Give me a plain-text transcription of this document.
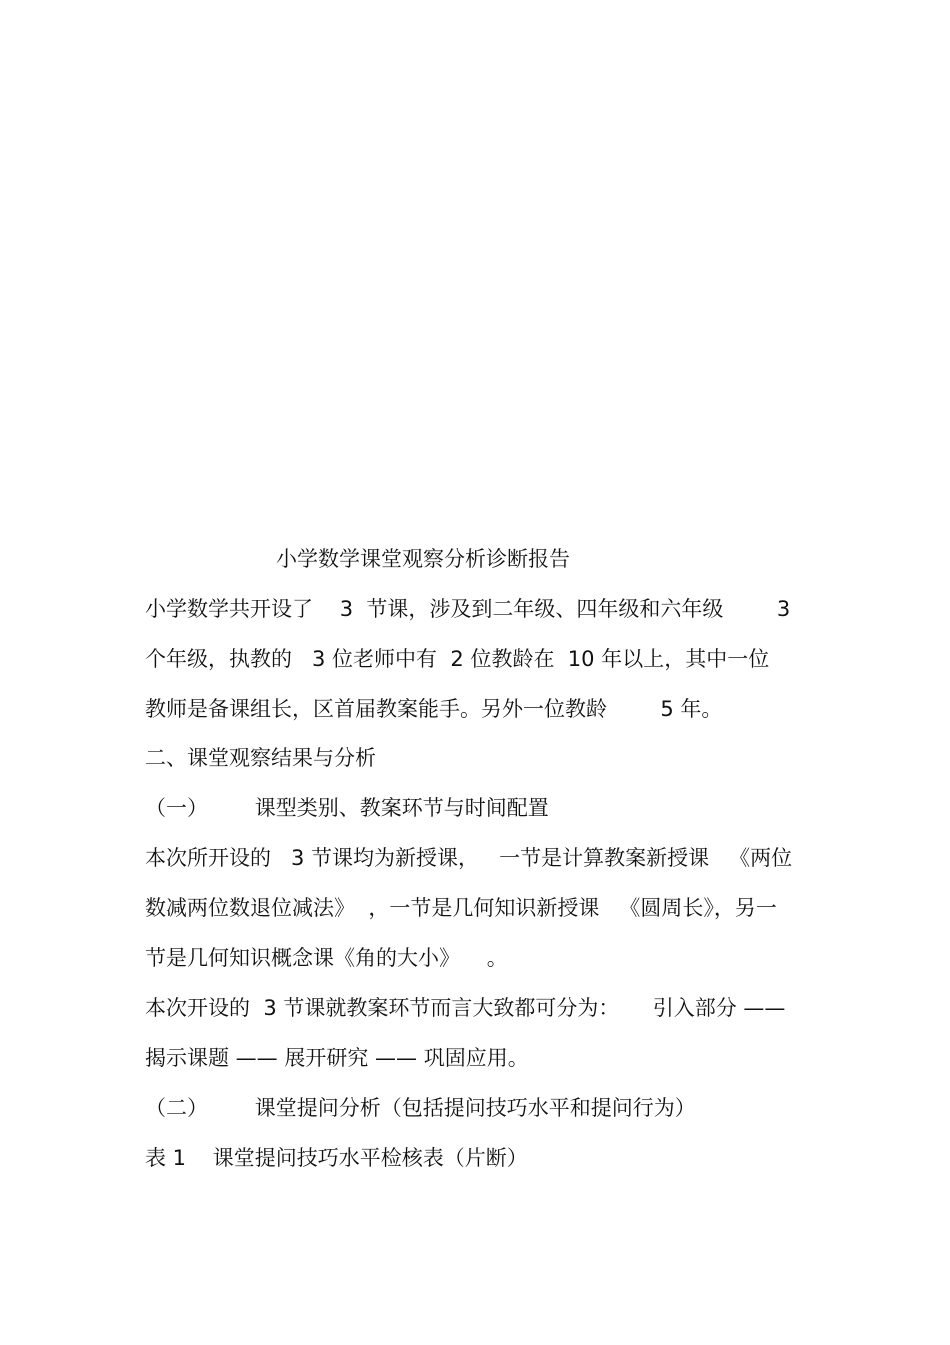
小学数学课堂观察分析诊断报告
小学数学共开设了    3  节课，涉及到二年级、四年级和六年级        3
个年级，执教的   3 位老师中有  2 位教龄在  10 年以上，其中一位
教师是备课组长，区首届教案能手。另外一位教龄        5 年。
二、课堂观察结果与分析
（一）       课型类别、教案环节与时间配置
本次所开设的   3 节课均为新授课，   一节是计算教案新授课   《两位
数减两位数退位减法》  ，一节是几何知识新授课   《圆周长》，另一
节是几何知识概念课《角的大小》    。
本次开设的  3 节课就教案环节而言大致都可分为：     引入部分 ——
揭示课题 —— 展开研究 —— 巩固应用。
（二）       课堂提问分析（包括提问技巧水平和提问行为）
表 1    课堂提问技巧水平检核表（片断）
